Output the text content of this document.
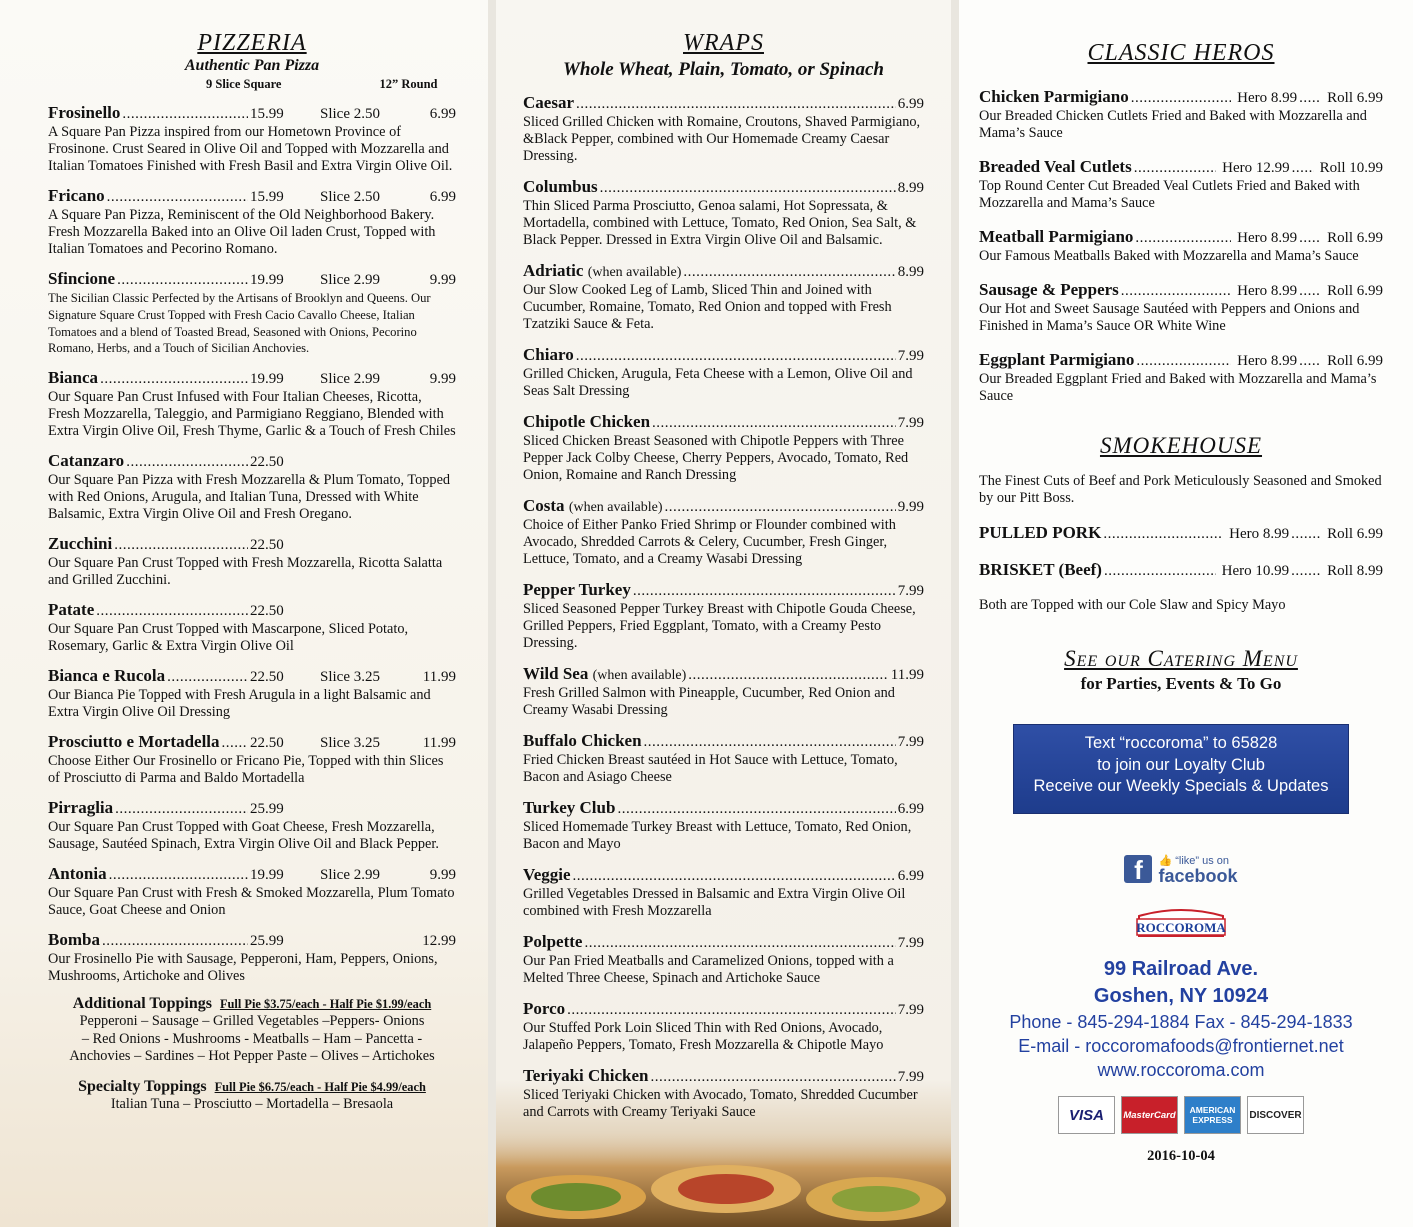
PIZZERIA
Authentic Pan Pizza
9 Slice Square	12” Round
Frosinello .....	15.99	Slice 2.50	6.99
A Square Pan Pizza inspired from our Hometown Province of Frosinone. Crust Seared in Olive Oil and Topped with Mozzarella and Italian Tomatoes Finished with Fresh Basil and Extra Virgin Olive Oil.
Fricano .....	15.99	Slice 2.50	6.99
A Square Pan Pizza, Reminiscent of the Old Neighborhood Bakery. Fresh Mozzarella Baked into an Olive Oil laden Crust, Topped with Italian Tomatoes and Pecorino Romano.
Sfincione .....	19.99	Slice 2.99	9.99
The Sicilian Classic Perfected by the Artisans of Brooklyn and Queens. Our Signature Square Crust Topped with Fresh Cacio Cavallo Cheese, Italian Tomatoes and a blend of Toasted Bread, Seasoned with Onions, Pecorino Romano, Herbs, and a Touch of Sicilian Anchovies.
Bianca .....	19.99	Slice 2.99	9.99
Our Square Pan Crust Infused with Four Italian Cheeses, Ricotta, Fresh Mozzarella, Taleggio, and Parmigiano Reggiano, Blended with Extra Virgin Olive Oil, Fresh Thyme, Garlic & a Touch of Fresh Chiles
Catanzaro .....	22.50
Our Square Pan Pizza with Fresh Mozzarella & Plum Tomato, Topped with Red Onions, Arugula, and Italian Tuna, Dressed with White Balsamic, Extra Virgin Olive Oil and Fresh Oregano.
Zucchini .....	22.50
Our Square Pan Crust Topped with Fresh Mozzarella, Ricotta Salatta and Grilled Zucchini.
Patate .....	22.50
Our Square Pan Crust Topped with Mascarpone, Sliced Potato, Rosemary, Garlic & Extra Virgin Olive Oil
Bianca e Rucola .....	22.50	Slice 3.25	11.99
Our Bianca Pie Topped with Fresh Arugula in a light Balsamic and Extra Virgin Olive Oil Dressing
Prosciutto e Mortadella ..... 22.50	Slice 3.25	11.99
Choose Either Our Frosinello or Fricano Pie, Topped with thin Slices of Prosciutto di Parma and Baldo Mortadella
Pirraglia .....	25.99
Our Square Pan Crust Topped with Goat Cheese, Fresh Mozzarella, Sausage, Sautéed Spinach, Extra Virgin Olive Oil and Black Pepper.
Antonia .....	19.99	Slice 2.99	9.99
Our Square Pan Crust with Fresh & Smoked Mozzarella, Plum Tomato Sauce, Goat Cheese and Onion
Bomba .....	25.99	12.99
Our Frosinello Pie with Sausage, Pepperoni, Ham, Peppers, Onions, Mushrooms, Artichoke and Olives
Additional Toppings Full Pie $3.75/each - Half Pie $1.99/each
Pepperoni – Sausage – Grilled Vegetables –Peppers- Onions
– Red Onions - Mushrooms - Meatballs – Ham – Pancetta -
Anchovies – Sardines – Hot Pepper Paste – Olives – Artichokes
Specialty Toppings Full Pie $6.75/each - Half Pie $4.99/each
Italian Tuna – Prosciutto – Mortadella – Bresaola
WRAPS
Whole Wheat, Plain, Tomato, or Spinach
Caesar .....	6.99
Sliced Grilled Chicken with Romaine, Croutons, Shaved Parmigiano, &Black Pepper, combined with Our Homemade Creamy Caesar Dressing.
Columbus .....	8.99
Thin Sliced Parma Prosciutto, Genoa salami, Hot Sopressata, & Mortadella, combined with Lettuce, Tomato, Red Onion, Sea Salt, & Black Pepper. Dressed in Extra Virgin Olive Oil and Balsamic.
Adriatic (when available) .....	8.99
Our Slow Cooked Leg of Lamb, Sliced Thin and Joined with Cucumber, Romaine, Tomato, Red Onion and topped with Fresh Tzatziki Sauce & Feta.
Chiaro .....	7.99
Grilled Chicken, Arugula, Feta Cheese with a Lemon, Olive Oil and Seas Salt Dressing
Chipotle Chicken .....	7.99
Sliced Chicken Breast Seasoned with Chipotle Peppers with Three Pepper Jack Colby Cheese, Cherry Peppers, Avocado, Tomato, Red Onion, Romaine and Ranch Dressing
Costa (when available) .....	9.99
Choice of Either Panko Fried Shrimp or Flounder combined with Avocado, Shredded Carrots & Celery, Cucumber, Fresh Ginger, Lettuce, Tomato, and a Creamy Wasabi Dressing
Pepper Turkey .....	7.99
Sliced Seasoned Pepper Turkey Breast with Chipotle Gouda Cheese, Grilled Peppers, Fried Eggplant, Tomato, with a Creamy Pesto Dressing.
Wild Sea (when available) .....	11.99
Fresh Grilled Salmon with Pineapple, Cucumber, Red Onion and Creamy Wasabi Dressing
Buffalo Chicken .....	7.99
Fried Chicken Breast sautéed in Hot Sauce with Lettuce, Tomato, Bacon and Asiago Cheese
Turkey Club .....	6.99
Sliced Homemade Turkey Breast with Lettuce, Tomato, Red Onion, Bacon and Mayo
Veggie .....	6.99
Grilled Vegetables Dressed in Balsamic and Extra Virgin Olive Oil combined with Fresh Mozzarella
Polpette .....	7.99
Our Pan Fried Meatballs and Caramelized Onions, topped with a Melted Three Cheese, Spinach and Artichoke Sauce
Porco .....	7.99
Our Stuffed Pork Loin Sliced Thin with Red Onions, Avocado, Jalapeño Peppers, Tomato, Fresh Mozzarella & Chipotle Mayo
Teriyaki Chicken .....	7.99
Sliced Teriyaki Chicken with Avocado, Tomato, Shredded Cucumber and Carrots with Creamy Teriyaki Sauce
CLASSIC HEROS
Chicken Parmigiano .....	Hero 8.99 ..... Roll 6.99
Our Breaded Chicken Cutlets Fried and Baked with Mozzarella and Mama’s Sauce
Breaded Veal Cutlets .....	Hero 12.99 ..... Roll 10.99
Top Round Center Cut Breaded Veal Cutlets Fried and Baked with Mozzarella and Mama’s Sauce
Meatball Parmigiano .....	Hero 8.99 ..... Roll 6.99
Our Famous Meatballs Baked with Mozzarella and Mama’s Sauce
Sausage & Peppers .....	Hero 8.99 ..... Roll 6.99
Our Hot and Sweet Sausage Sautéed with Peppers and Onions and Finished in Mama’s Sauce OR White Wine
Eggplant Parmigiano .....	Hero 8.99 ..... Roll 6.99
Our Breaded Eggplant Fried and Baked with Mozzarella and Mama’s Sauce
SMOKEHOUSE
The Finest Cuts of Beef and Pork Meticulously Seasoned and Smoked by our Pitt Boss.
PULLED PORK .....	Hero 8.99 .....	Roll 6.99
BRISKET (Beef) .....	Hero 10.99 .....	Roll 8.99
Both are Topped with our Cole Slaw and Spicy Mayo
See our Catering Menu
for Parties, Events & To Go
Text “roccoroma” to 65828
to join our Loyalty Club
Receive our Weekly Specials & Updates
f	👍 “like” us on
facebook
ROCCOROMA
99 Railroad Ave.
Goshen, NY 10924
Phone - 845-294-1884 Fax - 845-294-1833
E-mail - roccoromafoods@frontiernet.net
www.roccoroma.com
VISA	MasterCard	AMERICAN EXPRESS	DISCOVER
2016-10-04
